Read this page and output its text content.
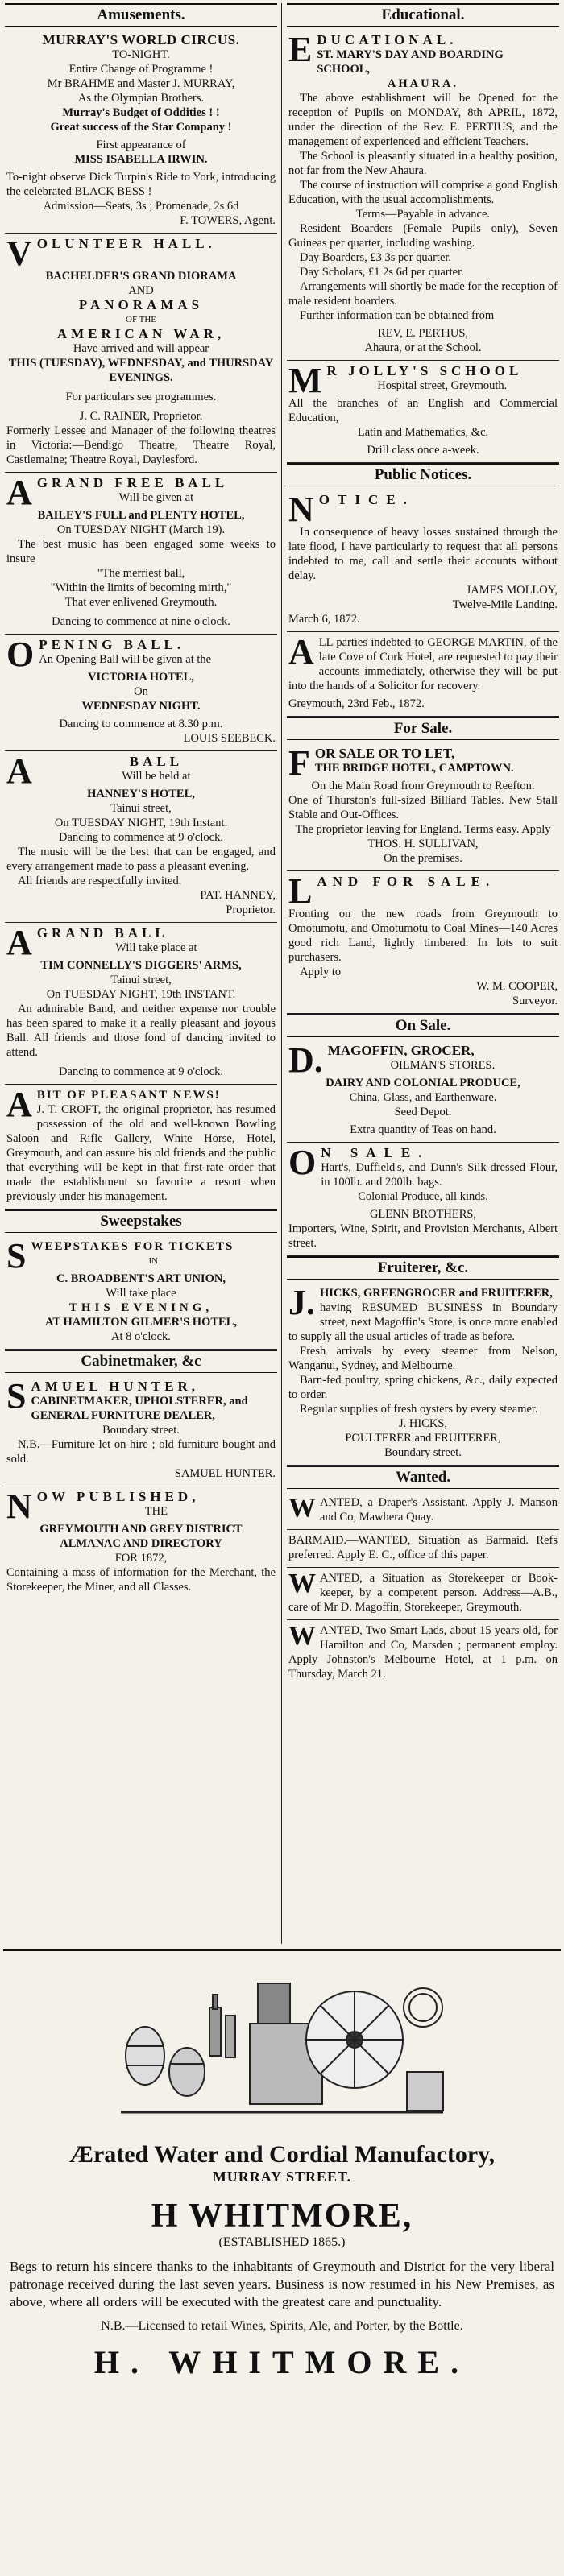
Amusements.

MURRAY'S WORLD CIRCUS.

TO-NIGHT.

Entire Change of Programme !

Mr BRAHME and Master J. MURRAY,

As the Olympian Brothers.

Murray's Budget of Oddities ! !

Great success of the Star Company !

First appearance of

MISS ISABELLA IRWIN.

To-night observe Dick Turpin's Ride to York, introducing the celebrated BLACK BESS !

Admission—Seats, 3s ; Promenade, 2s 6d

F. TOWERS, Agent.

V OLUNTEER HALL.

BACHELDER'S GRAND DIORAMA

AND

PANORAMAS

OF THE

AMERICAN WAR,

Have arrived and will appear

THIS (TUESDAY), WEDNESDAY, and THURSDAY EVENINGS.

For particulars see programmes.

J. C. RAINER, Proprietor.

Formerly Lessee and Manager of the following theatres in Victoria:—Bendigo Theatre, Theatre Royal, Castlemaine; Theatre Royal, Daylesford.

A GRAND FREE BALL

Will be given at

BAILEY'S FULL and PLENTY HOTEL,

On TUESDAY NIGHT (March 19).

The best music has been engaged some weeks to insure

"The merriest ball,

"Within the limits of becoming mirth,"

That ever enlivened Greymouth.

Dancing to commence at nine o'clock.

O PENING BALL.

An Opening Ball will be given at the

VICTORIA HOTEL,

On

WEDNESDAY NIGHT.

Dancing to commence at 8.30 p.m.

LOUIS SEEBECK.

A	BALL

Will be held at

HANNEY'S HOTEL,

Tainui street,

On TUESDAY NIGHT, 19th Instant.

Dancing to commence at 9 o'clock.

The music will be the best that can be engaged, and every arrangement made to pass a pleasant evening.

All friends are respectfully invited.

PAT. HANNEY,

Proprietor.

A GRAND BALL

Will take place at

TIM CONNELLY'S DIGGERS' ARMS,

Tainui street,

On TUESDAY NIGHT, 19th INSTANT.

An admirable Band, and neither expense nor trouble has been spared to make it a really pleasant and joyous Ball. All friends and those fond of dancing invited to attend.

Dancing to commence at 9 o'clock.

A BIT OF PLEASANT NEWS!

J. T. CROFT, the original proprietor, has resumed possession of the old and well-known Bowling Saloon and Rifle Gallery, White Horse, Hotel, Greymouth, and can assure his old friends and the public that everything will be kept in that first-rate order that made the establishment so favorite a resort when previously under his management.

Sweepstakes
S WEEPSTAKES FOR TICKETS

IN

C. BROADBENT'S ART UNION,

Will take place

THIS EVENING,

AT HAMILTON GILMER'S HOTEL,

At 8 o'clock.

Cabinetmaker, &c
S AMUEL HUNTER,

CABINETMAKER, UPHOLSTERER, and GENERAL FURNITURE DEALER,

Boundary street.

N.B.—Furniture let on hire ; old furniture bought and sold.

SAMUEL HUNTER.

N OW PUBLISHED,

THE

GREYMOUTH AND GREY DISTRICT

ALMANAC AND DIRECTORY

FOR 1872,

Containing a mass of information for the Merchant, the Storekeeper, the Miner, and all Classes.

Educational.
E DUCATIONAL.

ST. MARY'S DAY AND BOARDING SCHOOL,

AHAURA.

The above establishment will be Opened for the reception of Pupils on MONDAY, 8th APRIL, 1872, under the direction of the Rev. E. PERTIUS, and the management of experienced and efficient Teachers.

The School is pleasantly situated in a healthy position, not far from the New Ahaura.

The course of instruction will comprise a good English Education, with the usual accomplishments.

Terms—Payable in advance.

Resident Boarders (Female Pupils only), Seven Guineas per quarter, including washing.

Day Boarders, £3 3s per quarter.

Day Scholars, £1 2s 6d per quarter.

Arrangements will shortly be made for the reception of male resident boarders.

Further information can be obtained from

REV, E. PERTIUS,

Ahaura, or at the School.

M R JOLLY'S SCHOOL

Hospital street, Greymouth.

All the branches of an English and Commercial Education,

Latin and Mathematics, &c.

Drill class once a-week.

Public Notices.
N OTICE.

In consequence of heavy losses sustained through the late flood, I have particularly to request that all persons indebted to me, call and settle their accounts without delay.

JAMES MOLLOY,

Twelve-Mile Landing.

March 6, 1872.

A LL parties indebted to GEORGE MARTIN, of the late Cove of Cork Hotel, are requested to pay their accounts immediately, otherwise they will be put into the hands of a Solicitor for recovery.

Greymouth, 23rd Feb., 1872.

For Sale.
F OR SALE OR TO LET,

THE BRIDGE HOTEL, CAMPTOWN.

On the Main Road from Greymouth to Reefton.

One of Thurston's full-sized Billiard Tables. New Stall Stable and Out-Offices.

The proprietor leaving for England. Terms easy. Apply

THOS. H. SULLIVAN,

On the premises.

L AND FOR SALE.

Fronting on the new roads from Greymouth to Omotumotu, and Omotumotu to Coal Mines—140 Acres good rich Land, lightly timbered. In lots to suit purchasers.

Apply to

W. M. COOPER,

Surveyor.

On Sale.
D. MAGOFFIN, GROCER,

OILMAN'S STORES.

DAIRY AND COLONIAL PRODUCE,

China, Glass, and Earthenware.

Seed Depot.

Extra quantity of Teas on hand.

O N SALE.

Hart's, Duffield's, and Dunn's Silk-dressed Flour, in 100lb. and 200lb. bags.

Colonial Produce, all kinds.

GLENN BROTHERS,

Importers, Wine, Spirit, and Provision Merchants, Albert street.

Fruiterer, &c.
J. HICKS, GREENGROCER and FRUITERER,

having RESUMED BUSINESS in Boundary street, next Magoffin's Store, is once more enabled to supply all the usual articles of trade as before.

Fresh arrivals by every steamer from Nelson, Wanganui, Sydney, and Melbourne.

Barn-fed poultry, spring chickens, &c., daily expected to order.

Regular supplies of fresh oysters by every steamer.

J. HICKS,

POULTERER and FRUITERER,

Boundary street.

Wanted.
W ANTED, a Draper's Assistant. Apply J. Manson and Co, Mawhera Quay.

BARMAID.—WANTED, Situation as Barmaid. Refs preferred. Apply E. C., office of this paper.

W ANTED, a Situation as Storekeeper or Book-keeper, by a competent person. Address—A.B., care of Mr D. Magoffin, Storekeeper, Greymouth.

W ANTED, Two Smart Lads, about 15 years old, for Hamilton and Co, Marsden ; permanent employ. Apply Johnston's Melbourne Hotel, at 1 p.m. on Thursday, March 21.

Ærated Water and Cordial Manufactory,
MURRAY STREET.
H WHITMORE,
(ESTABLISHED 1865.)
Begs to return his sincere thanks to the inhabitants of Greymouth and District for the very liberal patronage received during the last seven years. Business is now resumed in his New Premises, as above, where all orders will be executed with the greatest care and punctuality.
N.B.—Licensed to retail Wines, Spirits, Ale, and Porter, by the Bottle.
H. WHITMORE.
